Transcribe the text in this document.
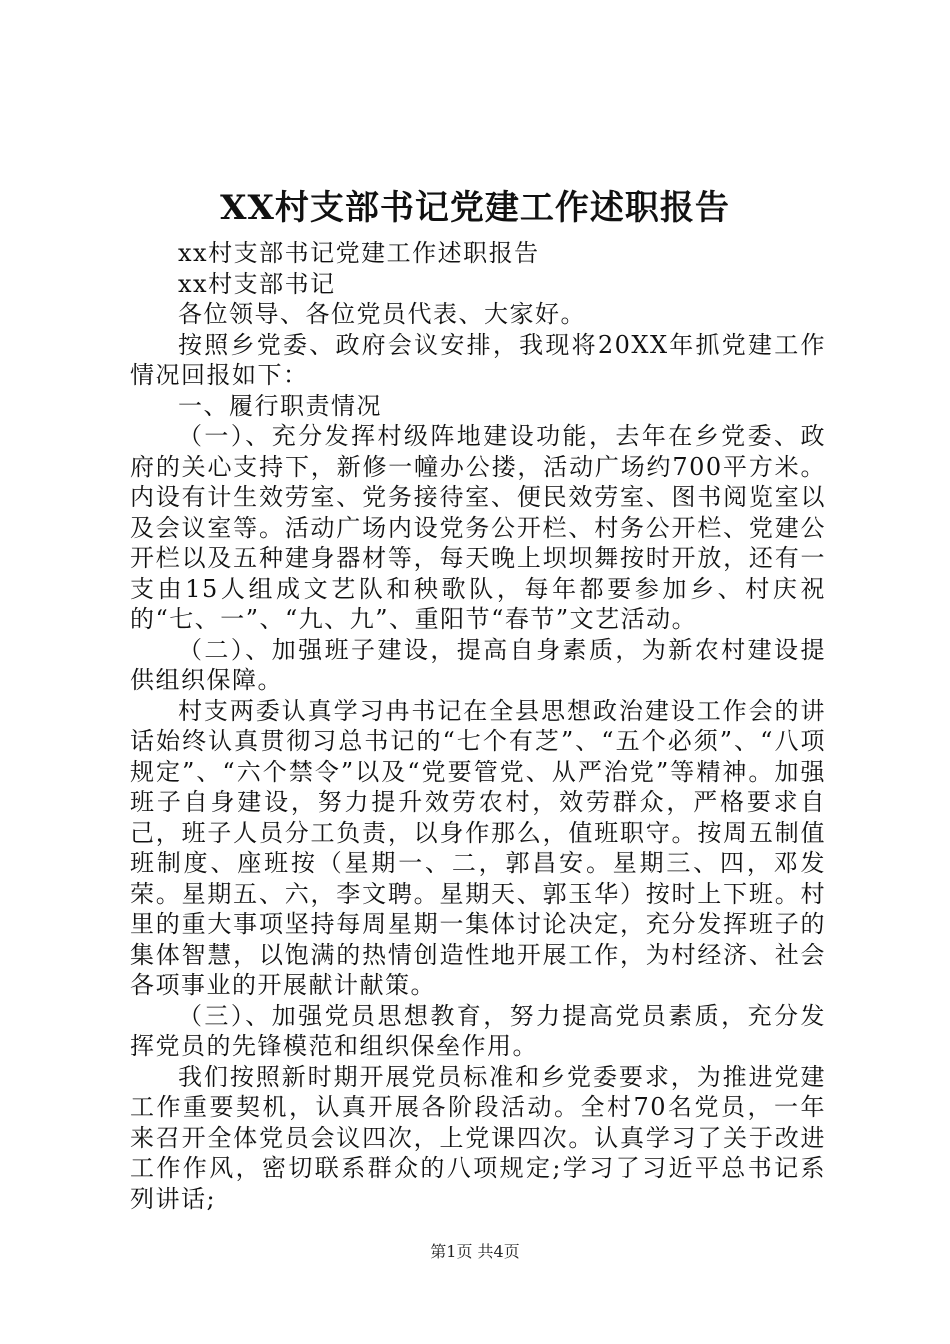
XX村支部书记党建工作述职报告

xx村支部书记党建工作述职报告

xx村支部书记

各位领导、各位党员代表、大家好。

按照乡党委、政府会议安排，我现将20XX年抓党建工作情况回报如下：

一、履行职责情况

（一）、充分发挥村级阵地建设功能，去年在乡党委、政府的关心支持下，新修一幢办公搂，活动广场约700平方米。内设有计生效劳室、党务接待室、便民效劳室、图书阅览室以及会议室等。活动广场内设党务公开栏、村务公开栏、党建公开栏以及五种建身器材等，每天晚上坝坝舞按时开放，还有一支由15人组成文艺队和秧歌队，每年都要参加乡、村庆祝的“七、一”、“九、九”、重阳节“春节”文艺活动。

（二）、加强班子建设，提高自身素质，为新农村建设提供组织保障。

村支两委认真学习冉书记在全县思想政治建设工作会的讲话始终认真贯彻习总书记的“七个有芝”、“五个必须”、“八项规定”、“六个禁令”以及“党要管党、从严治党”等精神。加强班子自身建设，努力提升效劳农村，效劳群众，严格要求自己，班子人员分工负责，以身作那么，值班职守。按周五制值班制度、座班按（星期一、二，郭昌安。星期三、四，邓发荣。星期五、六，李文聘。星期天、郭玉华）按时上下班。村里的重大事项坚持每周星期一集体讨论决定，充分发挥班子的集体智慧，以饱满的热情创造性地开展工作，为村经济、社会各项事业的开展献计献策。

（三）、加强党员思想教育，努力提高党员素质，充分发挥党员的先锋模范和组织保垒作用。

我们按照新时期开展党员标准和乡党委要求，为推进党建工作重要契机，认真开展各阶段活动。全村70名党员，一年来召开全体党员会议四次，上党课四次。认真学习了关于改进工作作风，密切联系群众的八项规定;学习了习近平总书记系列讲话;

第1页 共4页
